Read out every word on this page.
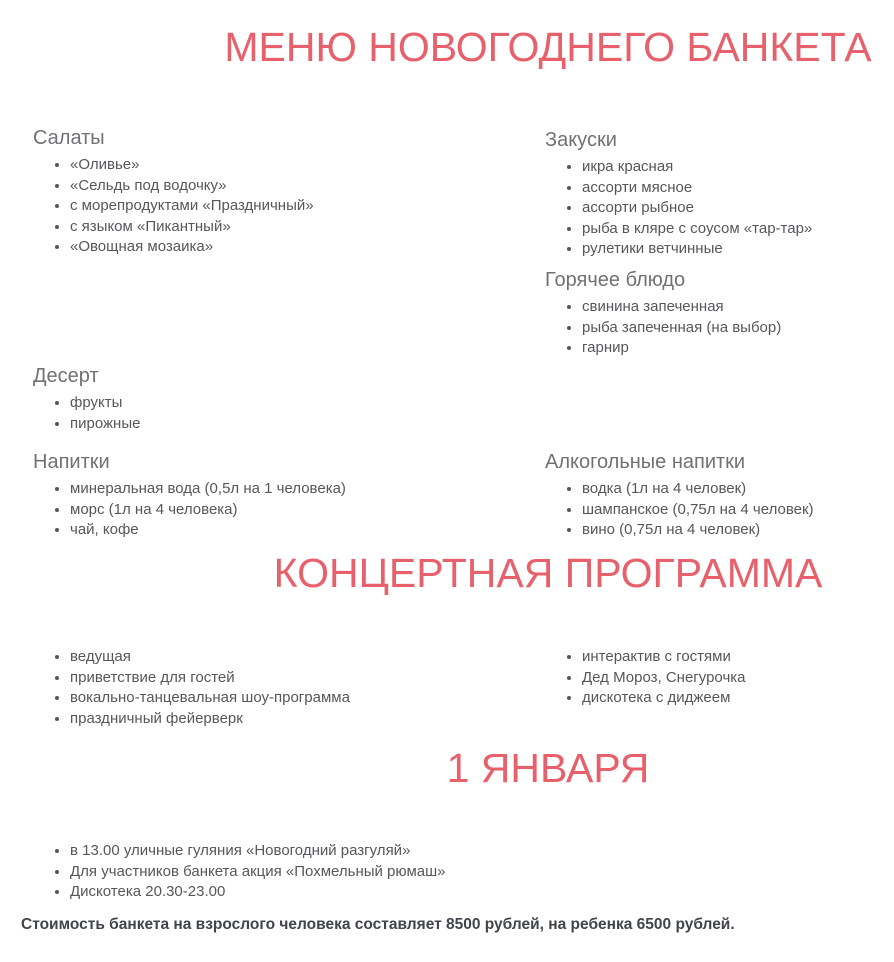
МЕНЮ НОВОГОДНЕГО БАНКЕТА
Салаты
• «Оливье»
• «Сельдь под водочку»
• с морепродуктами «Праздничный»
• с языком «Пикантный»
• «Овощная мозаика»
Закуски
• икра красная
• ассорти мясное
• ассорти рыбное
• рыба в кляре с соусом «тар-тар»
• рулетики ветчинные
Горячее блюдо
• свинина запеченная
• рыба запеченная (на выбор)
• гарнир
Десерт
• фрукты
• пирожные
Напитки
• минеральная вода (0,5л на 1 человека)
• морс (1л на 4 человека)
• чай, кофе
Алкогольные напитки
• водка (1л на 4 человек)
• шампанское (0,75л на 4 человек)
• вино (0,75л на 4 человек)
КОНЦЕРТНАЯ ПРОГРАММА
• ведущая
• приветствие для гостей
• вокально-танцевальная шоу-программа
• праздничный фейерверк
• интерактив с гостями
• Дед Мороз, Снегурочка
• дискотека с диджеем
1 ЯНВАРЯ
• в 13.00 уличные гуляния «Новогодний разгуляй»
• Для участников банкета акция «Похмельный рюмаш»
• Дискотека 20.30-23.00

Стоимость банкета на взрослого человека составляет 8500 рублей, на ребенка 6500 рублей.
